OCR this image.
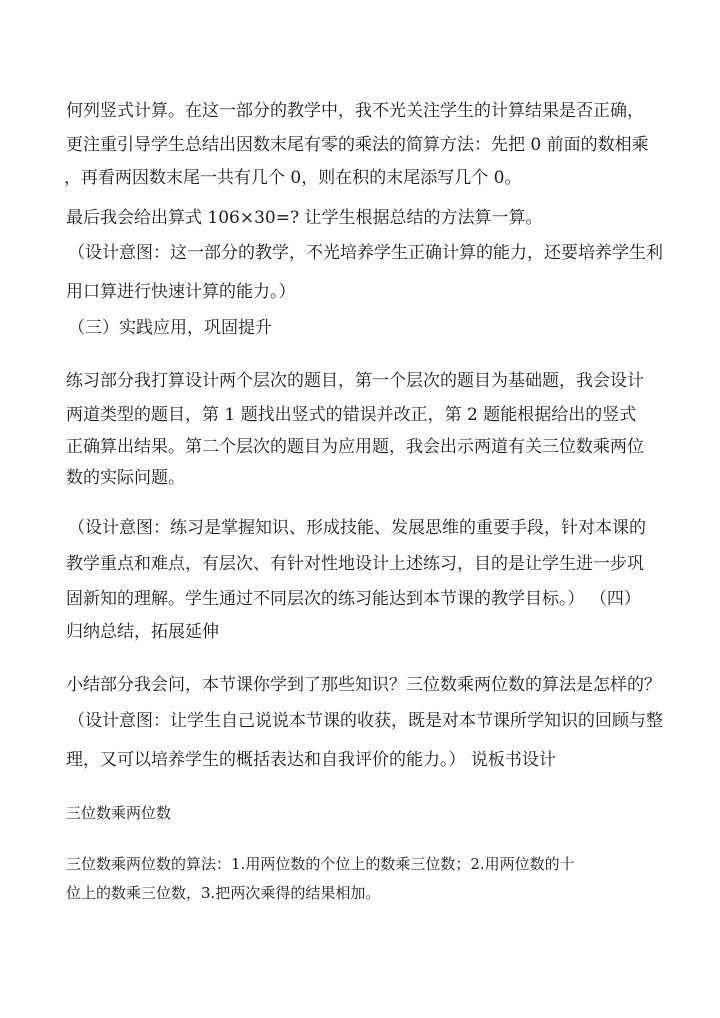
何列竖式计算。在这一部分的教学中，我不光关注学生的计算结果是否正确，

更注重引导学生总结出因数末尾有零的乘法的简算方法：先把 0 前面的数相乘

，再看两因数末尾一共有几个 0，则在积的末尾添写几个 0。

最后我会给出算式 106×30=? 让学生根据总结的方法算一算。

（设计意图：这一部分的教学，不光培养学生正确计算的能力，还要培养学生利

用口算进行快速计算的能力。）

（三）实践应用，巩固提升

练习部分我打算设计两个层次的题目，第一个层次的题目为基础题，我会设计

两道类型的题目，第 1 题找出竖式的错误并改正，第 2 题能根据给出的竖式

正确算出结果。第二个层次的题目为应用题，我会出示两道有关三位数乘两位

数的实际问题。

（设计意图：练习是掌握知识、形成技能、发展思维的重要手段，针对本课的

教学重点和难点，有层次、有针对性地设计上述练习，目的是让学生进一步巩

固新知的理解。学生通过不同层次的练习能达到本节课的教学目标。） （四）

归纳总结，拓展延伸

小结部分我会问，本节课你学到了那些知识？三位数乘两位数的算法是怎样的？

（设计意图：让学生自己说说本节课的收获，既是对本节课所学知识的回顾与整

理，又可以培养学生的概括表达和自我评价的能力。） 说板书设计

三位数乘两位数

三位数乘两位数的算法：1.用两位数的个位上的数乘三位数；2.用两位数的十

位上的数乘三位数，3.把两次乘得的结果相加。
